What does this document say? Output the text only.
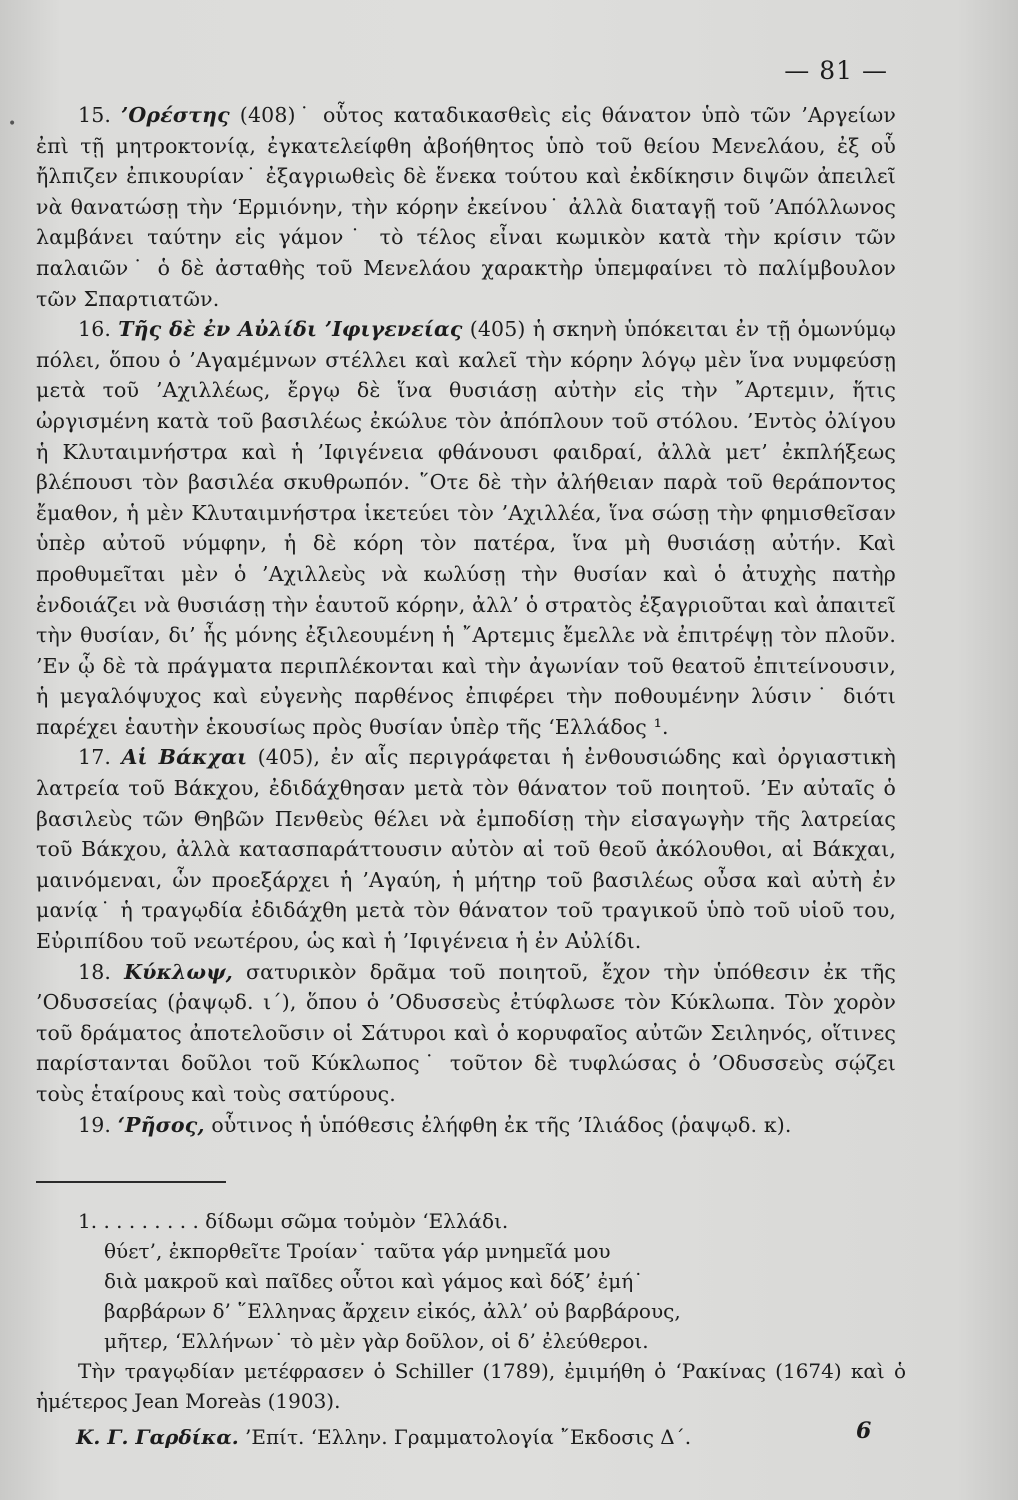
•
— 81 —

15. ’Ορέστης (408)˙ οὗτος καταδικασθεὶς εἰς θάνατον ὑπὸ τῶν ’Αργείων ἐπὶ τῇ μητροκτονίᾳ, ἐγκατελείφθη ἀβοήθητος ὑπὸ τοῦ θείου Μενελάου, ἐξ οὗ ἤλπιζεν ἐπικουρίαν˙ ἐξαγριωθεὶς δὲ ἕνεκα τούτου καὶ ἐκδίκησιν διψῶν ἀπειλεῖ νὰ θανατώσῃ τὴν ‘Ερμιόνην, τὴν κόρην ἐκείνου˙ ἀλλὰ διαταγῇ τοῦ ’Απόλλωνος λαμβάνει ταύτην εἰς γάμον˙ τὸ τέλος εἶναι κωμικὸν κατὰ τὴν κρίσιν τῶν παλαιῶν˙ ὁ δὲ ἀσταθὴς τοῦ Μενελάου χαρακτὴρ ὑπεμφαίνει τὸ παλίμβουλον τῶν Σπαρτιατῶν.

16. Τῆς δὲ ἐν Αὐλίδι ’Ιφιγενείας (405) ἡ σκηνὴ ὑπόκειται ἐν τῇ ὁμωνύμῳ πόλει, ὅπου ὁ ’Αγαμέμνων στέλλει καὶ καλεῖ τὴν κόρην λόγῳ μὲν ἵνα νυμφεύσῃ μετὰ τοῦ ’Αχιλλέως, ἔργῳ δὲ ἵνα θυσιάσῃ αὐτὴν εἰς τὴν ῎Αρτεμιν, ἥτις ὠργισμένη κατὰ τοῦ βασιλέως ἐκώλυε τὸν ἀπόπλουν τοῦ στόλου. ’Εντὸς ὀλίγου ἡ Κλυταιμνήστρα καὶ ἡ ’Ιφιγένεια φθάνουσι φαιδραί, ἀλλὰ μετ’ ἐκπλήξεως βλέπουσι τὸν βασιλέα σκυθρωπόν. ῞Οτε δὲ τὴν ἀλήθειαν παρὰ τοῦ θεράποντος ἔμαθον, ἡ μὲν Κλυταιμνήστρα ἱκετεύει τὸν ’Αχιλλέα, ἵνα σώσῃ τὴν φημισθεῖσαν ὑπὲρ αὐτοῦ νύμφην, ἡ δὲ κόρη τὸν πατέρα, ἵνα μὴ θυσιάσῃ αὐτήν. Καὶ προθυμεῖται μὲν ὁ ’Αχιλλεὺς νὰ κωλύσῃ τὴν θυσίαν καὶ ὁ ἀτυχὴς πατὴρ ἐνδοιάζει νὰ θυσιάσῃ τὴν ἑαυτοῦ κόρην, ἀλλ’ ὁ στρατὸς ἐξαγριοῦται καὶ ἀπαιτεῖ τὴν θυσίαν, δι’ ἧς μόνης ἐξιλεουμένη ἡ ῎Αρτεμις ἔμελλε νὰ ἐπιτρέψῃ τὸν πλοῦν. ’Εν ᾧ δὲ τὰ πράγματα περιπλέκονται καὶ τὴν ἀγωνίαν τοῦ θεατοῦ ἐπιτείνουσιν, ἡ μεγαλόψυχος καὶ εὐγενὴς παρθένος ἐπιφέρει τὴν ποθουμένην λύσιν˙ διότι παρέχει ἑαυτὴν ἑκουσίως πρὸς θυσίαν ὑπὲρ τῆς ‘Ελλάδος ¹.

17. Αἱ Βάκχαι (405), ἐν αἷς περιγράφεται ἡ ἐνθουσιώδης καὶ ὀργιαστικὴ λατρεία τοῦ Βάκχου, ἐδιδάχθησαν μετὰ τὸν θάνατον τοῦ ποιητοῦ. ’Εν αὐταῖς ὁ βασιλεὺς τῶν Θηβῶν Πενθεὺς θέλει νὰ ἐμποδίσῃ τὴν εἰσαγωγὴν τῆς λατρείας τοῦ Βάκχου, ἀλλὰ κατασπαράττουσιν αὐτὸν αἱ τοῦ θεοῦ ἀκόλουθοι, αἱ Βάκχαι, μαινόμεναι, ὧν προεξάρχει ἡ ’Αγαύη, ἡ μήτηρ τοῦ βασιλέως οὖσα καὶ αὐτὴ ἐν μανίᾳ˙ ἡ τραγῳδία ἐδιδάχθη μετὰ τὸν θάνατον τοῦ τραγικοῦ ὑπὸ τοῦ υἱοῦ του, Εὐριπίδου τοῦ νεωτέρου, ὡς καὶ ἡ ’Ιφιγένεια ἡ ἐν Αὐλίδι.

18. Κύκλωψ, σατυρικὸν δρᾶμα τοῦ ποιητοῦ, ἔχον τὴν ὑπόθεσιν ἐκ τῆς ’Οδυσσείας (ῥαψῳδ. ι´), ὅπου ὁ ’Οδυσσεὺς ἐτύφλωσε τὸν Κύκλωπα. Τὸν χορὸν τοῦ δράματος ἀποτελοῦσιν οἱ Σάτυροι καὶ ὁ κορυφαῖος αὐτῶν Σειληνός, οἵτινες παρίστανται δοῦλοι τοῦ Κύκλωπος˙ τοῦτον δὲ τυφλώσας ὁ ’Οδυσσεὺς σῴζει τοὺς ἑταίρους καὶ τοὺς σατύρους.

19. ‘Ρῆσος, οὗτινος ἡ ὑπόθεσις ἐλήφθη ἐκ τῆς ’Ιλιάδος (ῥαψῳδ. κ).

1. . . . . . . . . δίδωμι σῶμα τοὐμὸν ‘Ελλάδι.
θύετ’, ἐκπορθεῖτε Τροίαν˙ ταῦτα γάρ μνημεῖά μου
διὰ μακροῦ καὶ παῖδες οὗτοι καὶ γάμος καὶ δόξ’ ἐμή˙
βαρβάρων δ’ ῞Ελληνας ἄρχειν εἰκός, ἀλλ’ οὐ βαρβάρους,
μῆτερ, ‘Ελλήνων˙ τὸ μὲν γὰρ δοῦλον, οἱ δ’ ἐλεύθεροι.

Τὴν τραγῳδίαν μετέφρασεν ὁ Schiller (1789), ἐμιμήθη ὁ ‘Ρακίνας (1674) καὶ ὁ ἡμέτερος Jean Moreàs (1903).

Κ. Γ. Γαρδίκα. ’Επίτ. ‘Ελλην. Γραμματολογία ῎Εκδοσις Δ´.	6
